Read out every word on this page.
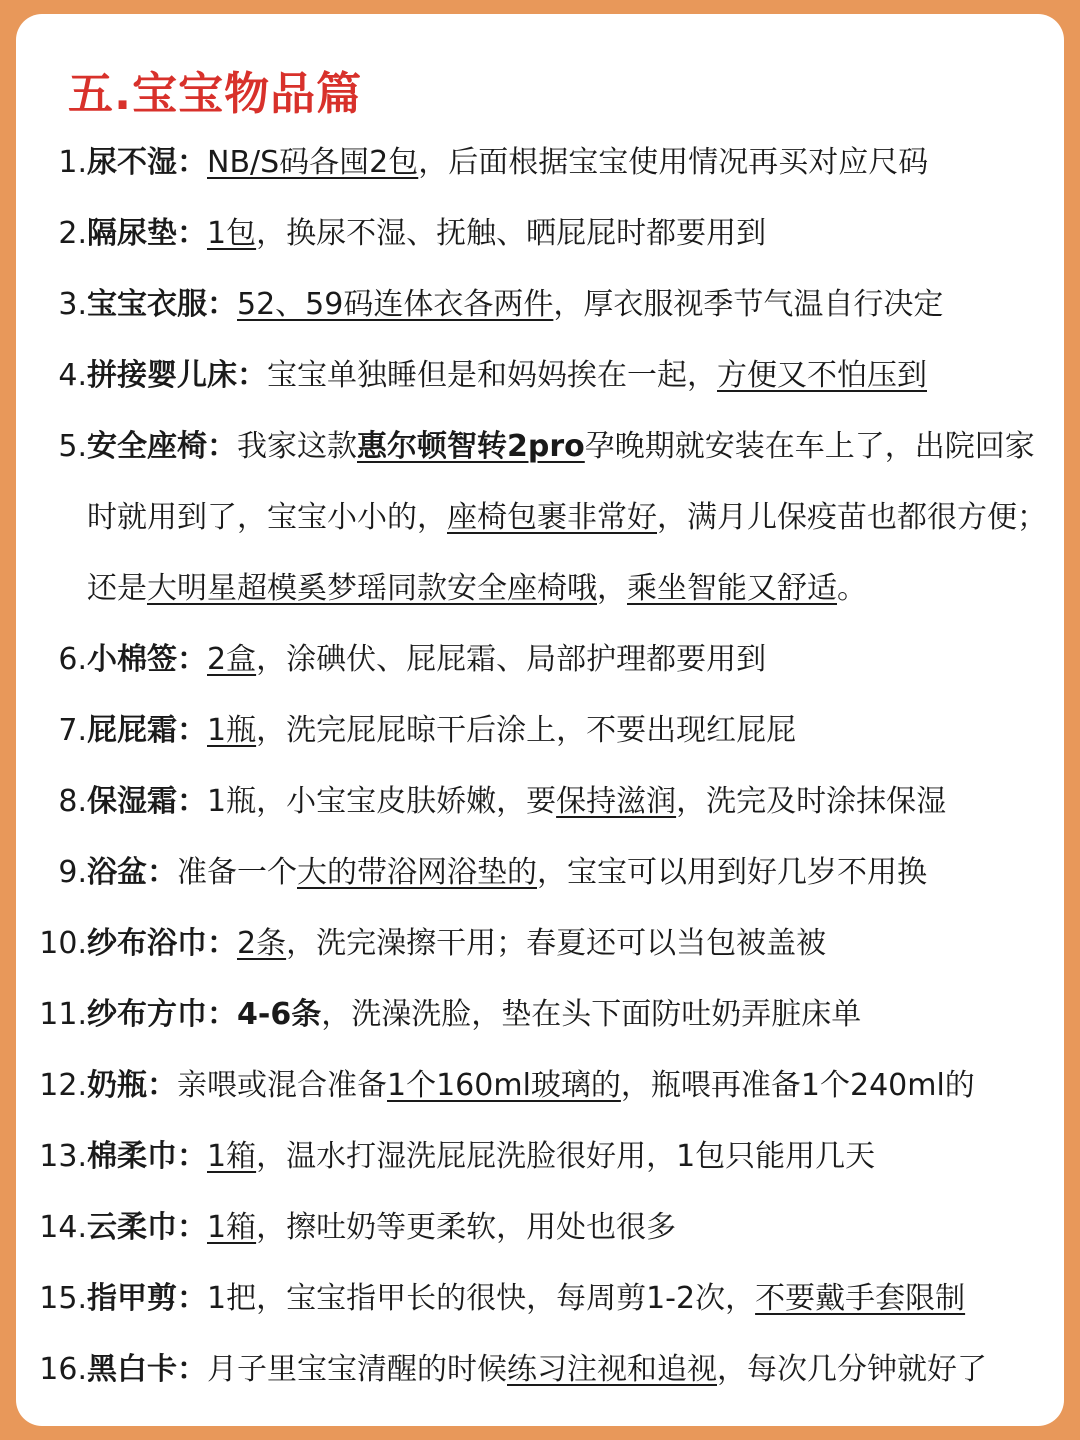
五.宝宝物品篇
1. 尿不湿：NB/S码各囤2包，后面根据宝宝使用情况再买对应尺码
2. 隔尿垫：1包，换尿不湿、抚触、晒屁屁时都要用到
3. 宝宝衣服：52、59码连体衣各两件，厚衣服视季节气温自行决定
4. 拼接婴儿床：宝宝单独睡但是和妈妈挨在一起，方便又不怕压到
5. 安全座椅：我家这款惠尔顿智转2pro孕晚期就安装在车上了，出院回家时就用到了，宝宝小小的，座椅包裹非常好，满月儿保疫苗也都很方便；还是大明星超模奚梦瑶同款安全座椅哦，乘坐智能又舒适。
6. 小棉签：2盒，涂碘伏、屁屁霜、局部护理都要用到
7. 屁屁霜：1瓶，洗完屁屁晾干后涂上，不要出现红屁屁
8. 保湿霜：1瓶，小宝宝皮肤娇嫩，要保持滋润，洗完及时涂抹保湿
9. 浴盆：准备一个大的带浴网浴垫的，宝宝可以用到好几岁不用换
10. 纱布浴巾：2条，洗完澡擦干用；春夏还可以当包被盖被
11. 纱布方巾：4-6条，洗澡洗脸，垫在头下面防吐奶弄脏床单
12. 奶瓶：亲喂或混合准备1个160ml玻璃的，瓶喂再准备1个240ml的
13. 棉柔巾：1箱，温水打湿洗屁屁洗脸很好用，1包只能用几天
14. 云柔巾：1箱，擦吐奶等更柔软，用处也很多
15. 指甲剪：1把，宝宝指甲长的很快，每周剪1-2次，不要戴手套限制
16. 黑白卡：月子里宝宝清醒的时候练习注视和追视，每次几分钟就好了
